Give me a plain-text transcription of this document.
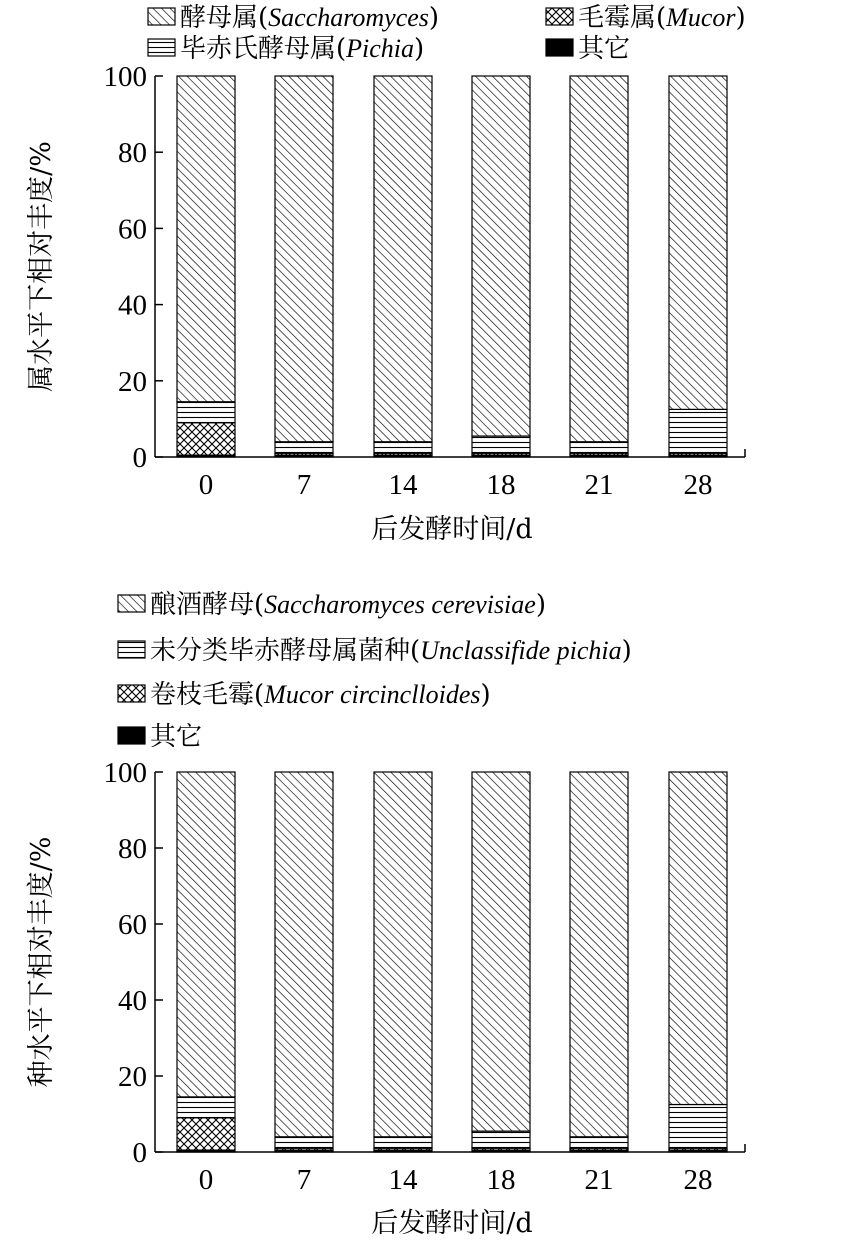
酵母属(Saccharomyces)	毛霉属(Mucor)
毕赤氏酵母属(Pichia)	其它
0
20
40
60
80
100
0	7	14 18 21 28
后发酵时间/d
属水平下相对丰度/%
酿酒酵母(Saccharomyces cerevisiae)
未分类毕赤酵母属菌种(Unclassifide pichia)
卷枝毛霉(Mucor circinclloides)
其它
0
20
40
60
80
100
0	7	14 18 21 28
后发酵时间/d
种水平下相对丰度/%
